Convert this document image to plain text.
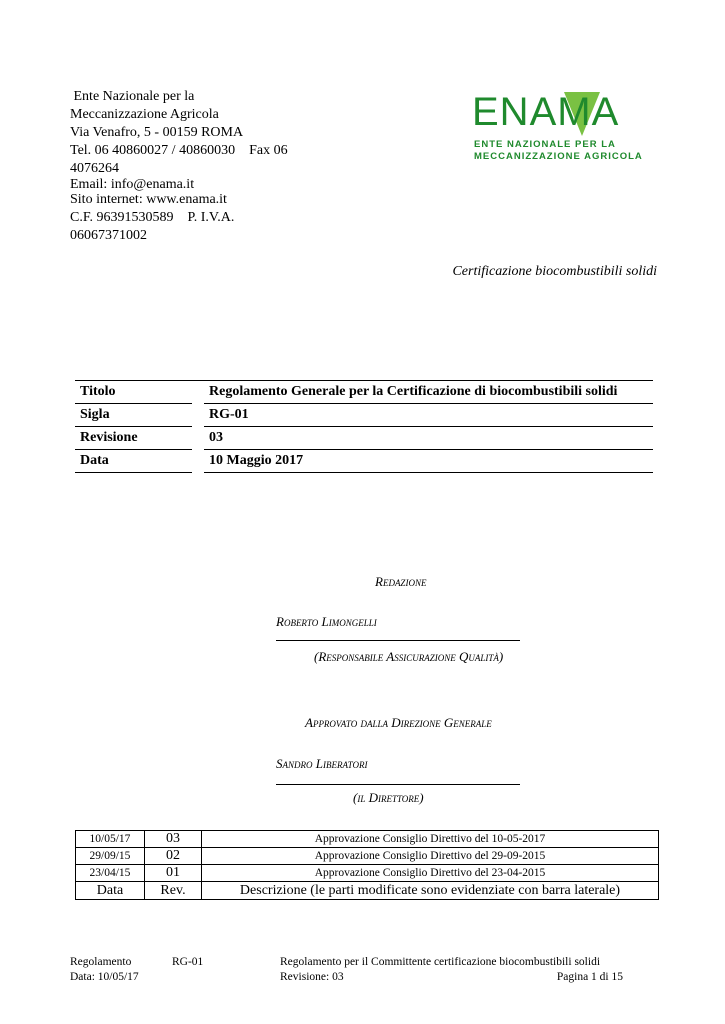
Ente Nazionale per la
Meccanizzazione Agricola
Via Venafro, 5 - 00159 ROMA
Tel. 06 40860027 / 40860030    Fax 06
4076264
Email: info@enama.it
Sito internet: www.enama.it
C.F. 96391530589    P. I.V.A.
06067371002
ENAMA
ENTE NAZIONALE PER LA
MECCANIZZAZIONE AGRICOLA
Certificazione biocombustibili solidi
Titolo		Regolamento Generale per la Certificazione di biocombustibili solidi
Sigla		RG-01
Revisione		03
Data		10 Maggio 2017
Redazione
Roberto Limongelli
(Responsabile Assicurazione Qualità)
Approvato dalla Direzione Generale
Sandro Liberatori
(il Direttore)
10/05/17	03	Approvazione Consiglio Direttivo del 10-05-2017
29/09/15	02	Approvazione Consiglio Direttivo del 29-09-2015
23/04/15	01	Approvazione Consiglio Direttivo del 23-04-2015
Data	Rev.	Descrizione (le parti modificate sono evidenziate con barra laterale)
Regolamento	RG-01	Regolamento per il Committente certificazione biocombustibili solidi
Data: 10/05/17	Revisione: 03	Pagina 1 di 15
